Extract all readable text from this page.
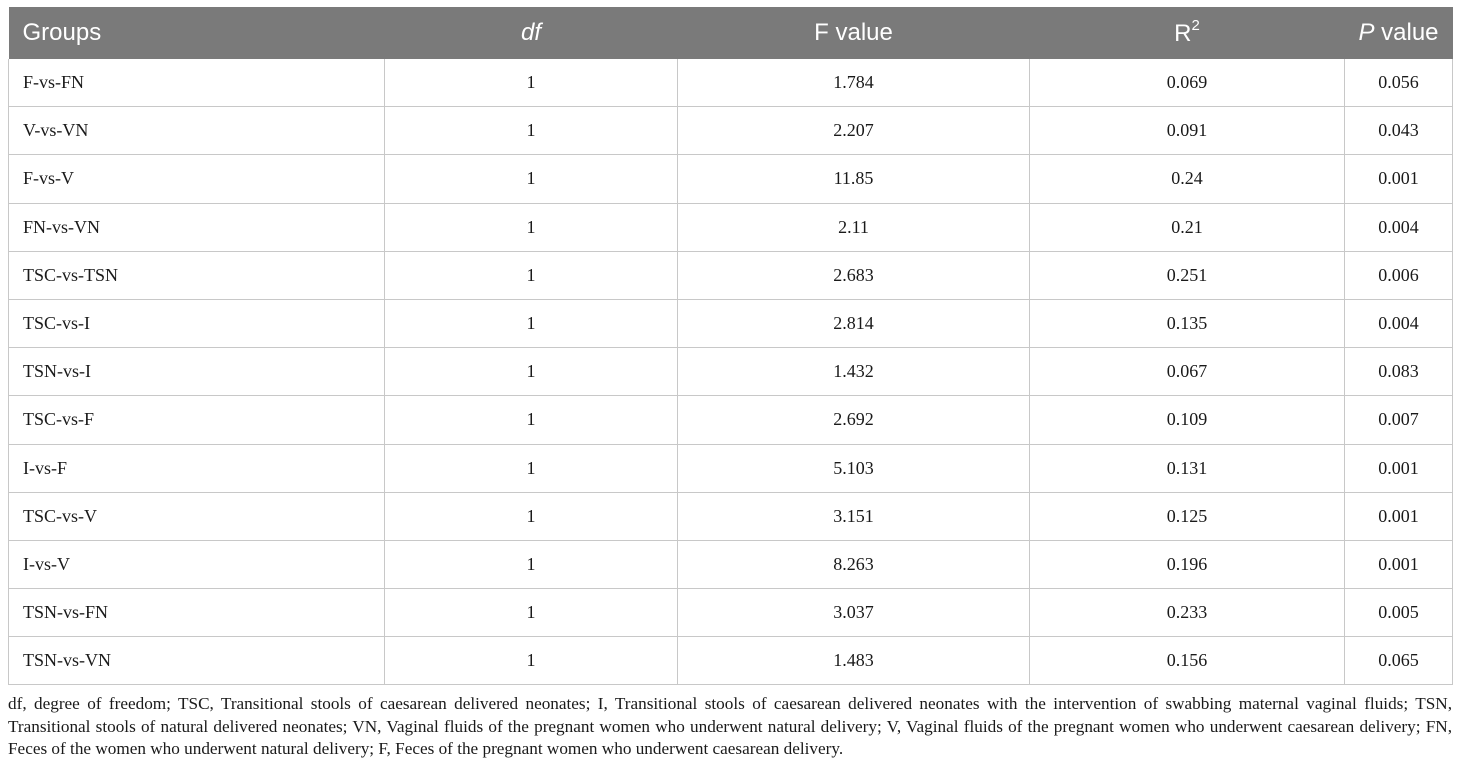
Groups	df	F value	$R^2$	P value
F-vs-FN	1	1.784	0.069	0.056
V-vs-VN	1	2.207	0.091	0.043
F-vs-V	1	11.85	0.24	0.001
FN-vs-VN	1	2.11	0.21	0.004
TSC-vs-TSN	1	2.683	0.251	0.006
TSC-vs-I	1	2.814	0.135	0.004
TSN-vs-I	1	1.432	0.067	0.083
TSC-vs-F	1	2.692	0.109	0.007
I-vs-F	1	5.103	0.131	0.001
TSC-vs-V	1	3.151	0.125	0.001
I-vs-V	1	8.263	0.196	0.001
TSN-vs-FN	1	3.037	0.233	0.005
TSN-vs-VN	1	1.483	0.156	0.065
df, degree of freedom; TSC, Transitional stools of caesarean delivered neonates; I, Transitional stools of caesarean delivered neonates with the intervention of swabbing maternal vaginal fluids; TSN, Transitional stools of natural delivered neonates; VN, Vaginal fluids of the pregnant women who underwent natural delivery; V, Vaginal fluids of the pregnant women who underwent caesarean delivery; FN, Feces of the women who underwent natural delivery; F, Feces of the pregnant women who underwent caesarean delivery.
